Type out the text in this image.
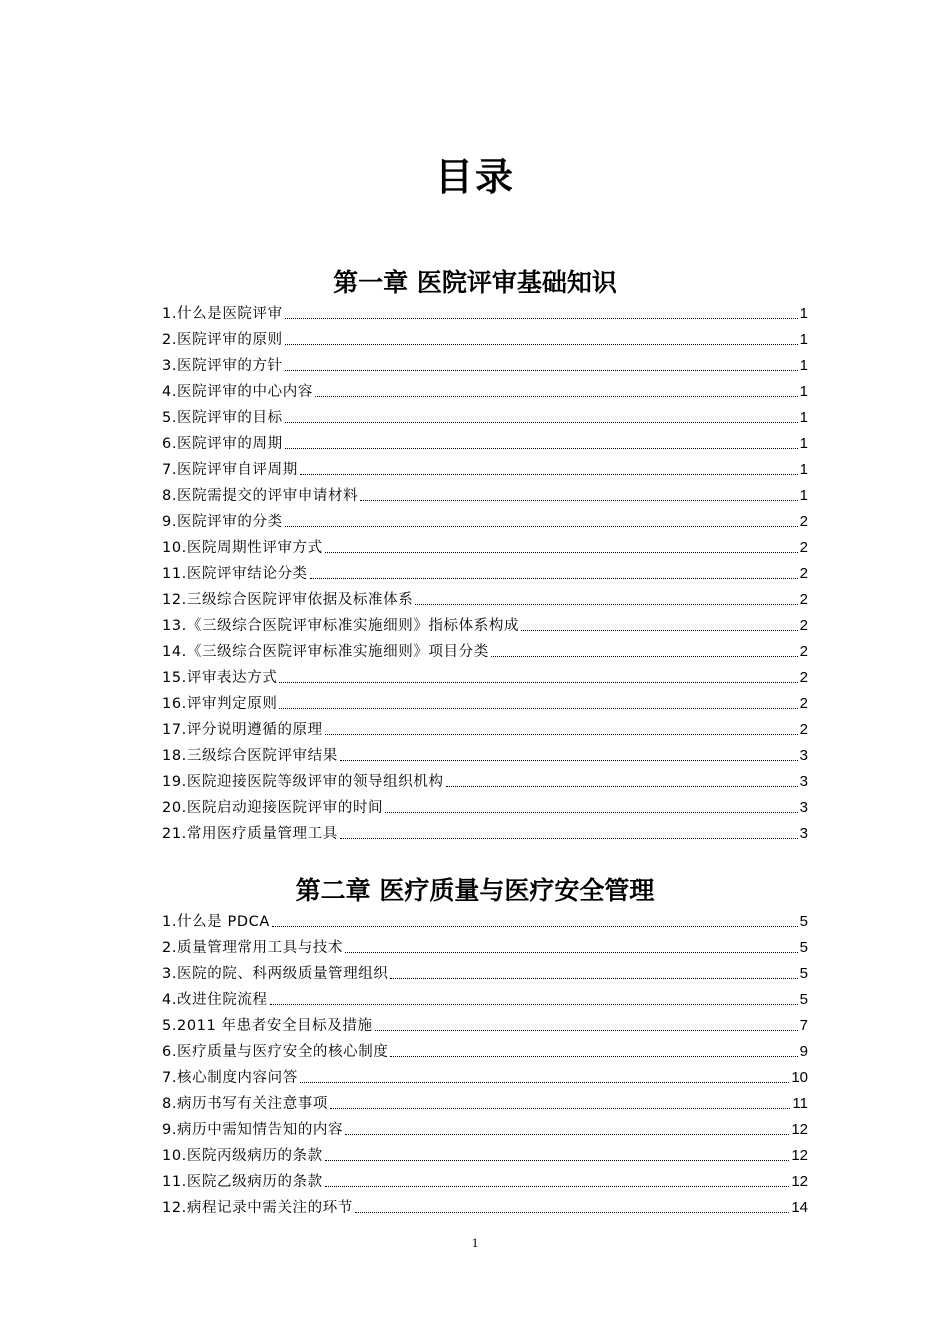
目录
第一章 医院评审基础知识
1.什么是医院评审	1
2.医院评审的原则	1
3.医院评审的方针	1
4.医院评审的中心内容	1
5.医院评审的目标	1
6.医院评审的周期	1
7.医院评审自评周期	1
8.医院需提交的评审申请材料	1
9.医院评审的分类	2
10.医院周期性评审方式	2
11.医院评审结论分类	2
12.三级综合医院评审依据及标准体系	2
13.《三级综合医院评审标准实施细则》指标体系构成	2
14.《三级综合医院评审标准实施细则》项目分类	2
15.评审表达方式	2
16.评审判定原则	2
17.评分说明遵循的原理	2
18.三级综合医院评审结果	3
19.医院迎接医院等级评审的领导组织机构	3
20.医院启动迎接医院评审的时间	3
21.常用医疗质量管理工具	3
第二章 医疗质量与医疗安全管理
1.什么是 PDCA	5
2.质量管理常用工具与技术	5
3.医院的院、科两级质量管理组织	5
4.改进住院流程	5
5.2011 年患者安全目标及措施	7
6.医疗质量与医疗安全的核心制度	9
7.核心制度内容问答	10
8.病历书写有关注意事项	11
9.病历中需知情告知的内容	12
10.医院丙级病历的条款	12
11.医院乙级病历的条款	12
12.病程记录中需关注的环节	14
1
